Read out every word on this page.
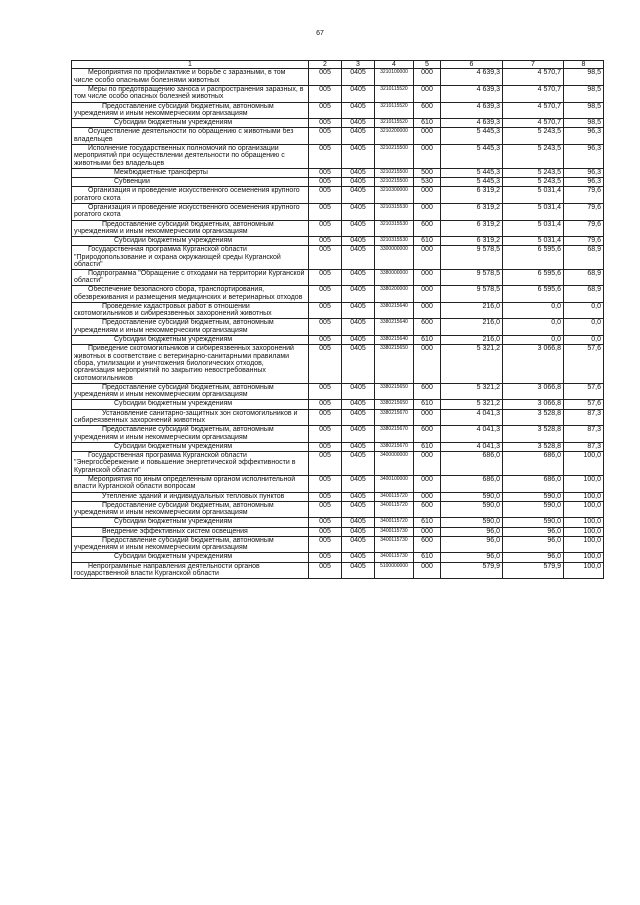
67
1	2	3	4	5	6	7	8
Мероприятия по профилактике и борьбе с заразными, в том числе особо опасными болезнями животных	005	0405	3210100000	000	4 639,3	4 570,7	98,5
Меры по предотвращению заноса и распространения заразных, в том числе особо опасных болезней животных	005	0405	3210115520	000	4 639,3	4 570,7	98,5
Предоставление субсидий бюджетным, автономным учреждениям и иным некоммерческим организациям	005	0405	3210115520	600	4 639,3	4 570,7	98,5
Субсидии бюджетным учреждениям	005	0405	3210115520	610	4 639,3	4 570,7	98,5
Осуществление деятельности по обращению с животными без владельцев	005	0405	3210200000	000	5 445,3	5 243,5	96,3
Исполнение государственных полномочий по организации мероприятий при осуществлении деятельности по обращению с животными без владельцев	005	0405	3210215500	000	5 445,3	5 243,5	96,3
Межбюджетные трансферты	005	0405	3210215500	500	5 445,3	5 243,5	96,3
Субвенции	005	0405	3210215500	530	5 445,3	5 243,5	96,3
Организация и проведение искусственного осеменения крупного рогатого скота	005	0405	3210300000	000	6 319,2	5 031,4	79,6
Организация и проведение искусственного осеменения крупного рогатого скота	005	0405	3210315530	000	6 319,2	5 031,4	79,6
Предоставление субсидий бюджетным, автономным учреждениям и иным некоммерческим организациям	005	0405	3210315530	600	6 319,2	5 031,4	79,6
Субсидии бюджетным учреждениям	005	0405	3210315530	610	6 319,2	5 031,4	79,6
Государственная программа Курганской области "Природопользование и охрана окружающей среды Курганской области"	005	0405	3300000000	000	9 578,5	6 595,6	68,9
Подпрограмма "Обращение с отходами на территории Курганской области"	005	0405	3380000000	000	9 578,5	6 595,6	68,9
Обеспечение безопасного сбора, транспортирования, обезвреживания и размещения медицинских и ветеринарных отходов	005	0405	3380200000	000	9 578,5	6 595,6	68,9
Проведение кадастровых работ в отношении скотомогильников и сибиреязвенных захоронений животных	005	0405	3380215640	000	216,0	0,0	0,0
Предоставление субсидий бюджетным, автономным учреждениям и иным некоммерческим организациям	005	0405	3380215640	600	216,0	0,0	0,0
Субсидии бюджетным учреждениям	005	0405	3380215640	610	216,0	0,0	0,0
Приведение скотомогильников и сибиреязвенных захоронений животных в соответствие с ветеринарно-санитарными правилами сбора, утилизации и уничтожения биологических отходов, организация мероприятий по закрытию невостребованных скотомогильников	005	0405	3380215650	000	5 321,2	3 066,8	57,6
Предоставление субсидий бюджетным, автономным учреждениям и иным некоммерческим организациям	005	0405	3380215650	600	5 321,2	3 066,8	57,6
Субсидии бюджетным учреждениям	005	0405	3380215650	610	5 321,2	3 066,8	57,6
Установление санитарно-защитных зон скотомогильников и сибиреязвенных захоронений животных	005	0405	3380215670	000	4 041,3	3 528,8	87,3
Предоставление субсидий бюджетным, автономным учреждениям и иным некоммерческим организациям	005	0405	3380215670	600	4 041,3	3 528,8	87,3
Субсидии бюджетным учреждениям	005	0405	3380215670	610	4 041,3	3 528,8	87,3
Государственная программа Курганской области "Энергосбережение и повышение энергетической эффективности в Курганской области"	005	0405	3400000000	000	686,0	686,0	100,0
Мероприятия по иным определенным органом исполнительной власти Курганской области вопросам	005	0405	3400100000	000	686,0	686,0	100,0
Утепление зданий и индивидуальных тепловых пунктов	005	0405	3400115720	000	590,0	590,0	100,0
Предоставление субсидий бюджетным, автономным учреждениям и иным некоммерческим организациям	005	0405	3400115720	600	590,0	590,0	100,0
Субсидии бюджетным учреждениям	005	0405	3400115720	610	590,0	590,0	100,0
Внедрение эффективных систем освещения	005	0405	3400115730	000	96,0	96,0	100,0
Предоставление субсидий бюджетным, автономным учреждениям и иным некоммерческим организациям	005	0405	3400115730	600	96,0	96,0	100,0
Субсидии бюджетным учреждениям	005	0405	3400115730	610	96,0	96,0	100,0
Непрограммные направления деятельности органов государственной власти Курганской области	005	0405	5100000000	000	579,9	579,9	100,0
